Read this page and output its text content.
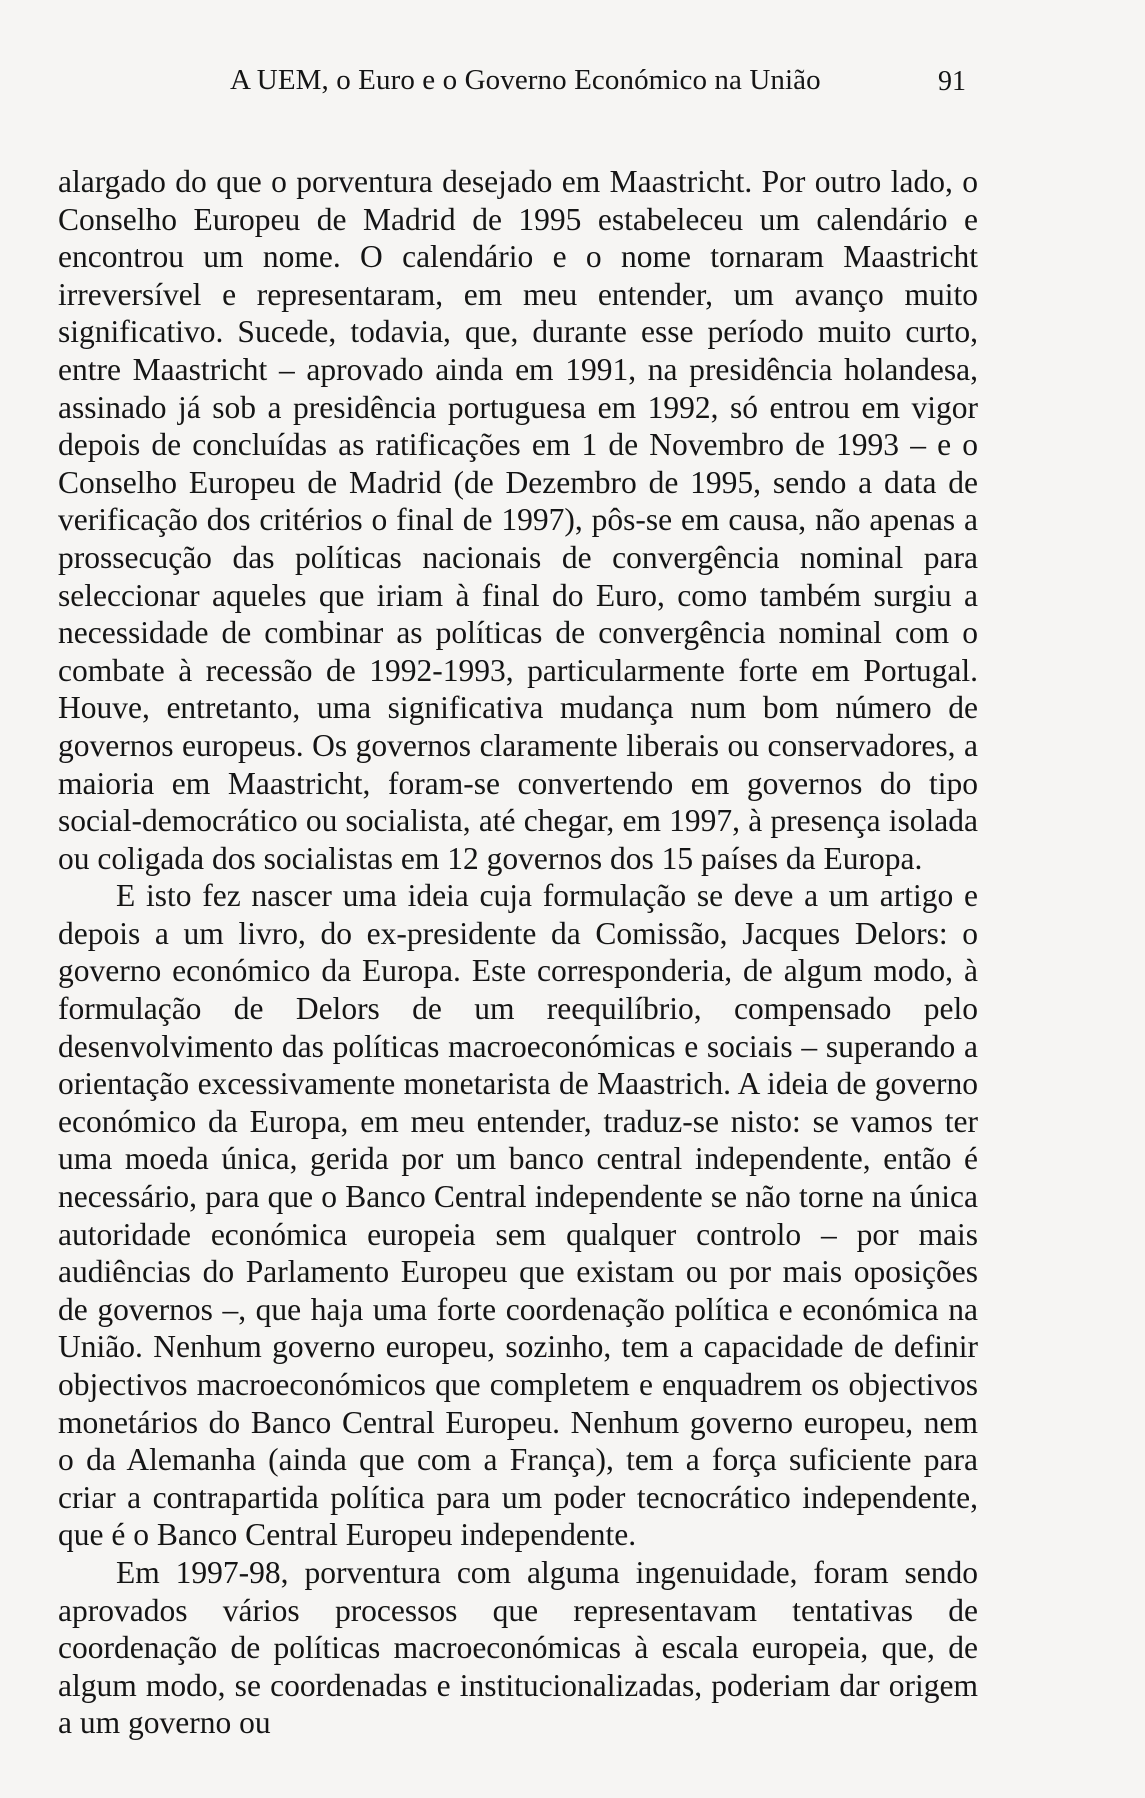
A UEM, o Euro e o Governo Económico na União	91

alargado do que o porventura desejado em Maastricht. Por outro lado, o Conselho Europeu de Madrid de 1995 estabeleceu um calendário e encontrou um nome. O calendário e o nome tornaram Maastricht irreversível e representaram, em meu entender, um avanço muito significativo. Sucede, todavia, que, durante esse período muito curto, entre Maastricht – aprovado ainda em 1991, na presidência holandesa, assinado já sob a presidência portuguesa em 1992, só entrou em vigor depois de concluídas as ratificações em 1 de Novembro de 1993 – e o Conselho Europeu de Madrid (de Dezembro de 1995, sendo a data de verificação dos critérios o final de 1997), pôs-se em causa, não apenas a prossecução das políticas nacionais de convergência nominal para seleccionar aqueles que iriam à final do Euro, como também surgiu a necessidade de combinar as políticas de convergência nominal com o combate à recessão de 1992-1993, particularmente forte em Portugal. Houve, entretanto, uma significativa mudança num bom número de governos europeus. Os governos claramente liberais ou conservadores, a maioria em Maastricht, foram-se convertendo em governos do tipo social-democrático ou socialista, até chegar, em 1997, à presença isolada ou coligada dos socialistas em 12 governos dos 15 países da Europa.

E isto fez nascer uma ideia cuja formulação se deve a um artigo e depois a um livro, do ex-presidente da Comissão, Jacques Delors: o governo económico da Europa. Este corresponderia, de algum modo, à formulação de Delors de um reequilíbrio, compensado pelo desenvolvimento das políticas macroeconómicas e sociais – superando a orientação excessivamente monetarista de Maastrich. A ideia de governo económico da Europa, em meu entender, traduz-se nisto: se vamos ter uma moeda única, gerida por um banco central independente, então é necessário, para que o Banco Central independente se não torne na única autoridade económica europeia sem qualquer controlo – por mais audiências do Parlamento Europeu que existam ou por mais oposições de governos –, que haja uma forte coordenação política e económica na União. Nenhum governo europeu, sozinho, tem a capacidade de definir objectivos macroeconómicos que completem e enquadrem os objectivos monetários do Banco Central Europeu. Nenhum governo europeu, nem o da Alemanha (ainda que com a França), tem a força suficiente para criar a contrapartida política para um poder tecnocrático independente, que é o Banco Central Europeu independente.

Em 1997-98, porventura com alguma ingenuidade, foram sendo aprovados vários processos que representavam tentativas de coordenação de políticas macroeconómicas à escala europeia, que, de algum modo, se coordenadas e institucionalizadas, poderiam dar origem a um governo ou
